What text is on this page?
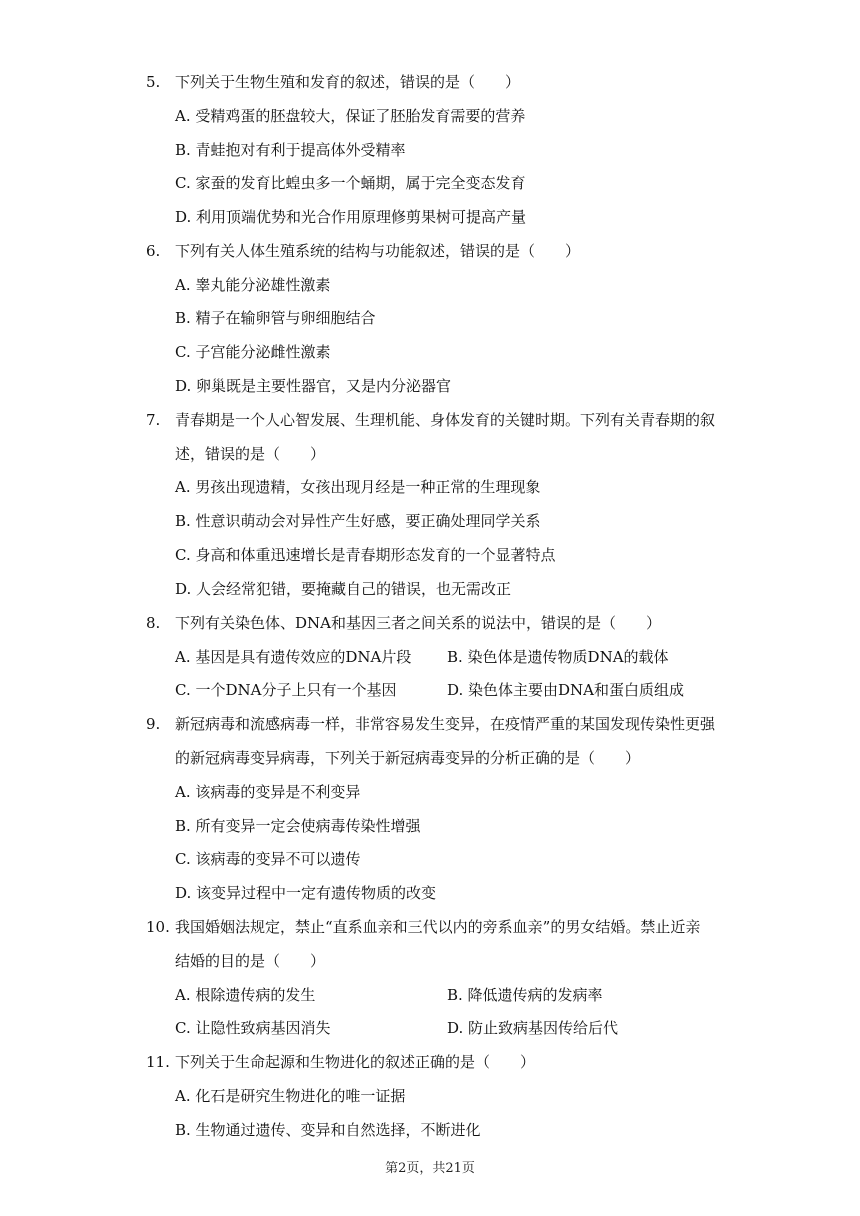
5. 下列关于生物生殖和发育的叙述，错误的是（　　）
A. 受精鸡蛋的胚盘较大，保证了胚胎发育需要的营养
B. 青蛙抱对有利于提高体外受精率
C. 家蚕的发育比蝗虫多一个蛹期，属于完全变态发育
D. 利用顶端优势和光合作用原理修剪果树可提高产量
6. 下列有关人体生殖系统的结构与功能叙述，错误的是（　　）
A. 睾丸能分泌雄性激素
B. 精子在输卵管与卵细胞结合
C. 子宫能分泌雌性激素
D. 卵巢既是主要性器官，又是内分泌器官
7. 青春期是一个人心智发展、生理机能、身体发育的关键时期。下列有关青春期的叙
述，错误的是（　　）
A. 男孩出现遗精，女孩出现月经是一种正常的生理现象
B. 性意识萌动会对异性产生好感，要正确处理同学关系
C. 身高和体重迅速增长是青春期形态发育的一个显著特点
D. 人会经常犯错，要掩藏自己的错误，也无需改正
8. 下列有关染色体、DNA和基因三者之间关系的说法中，错误的是（　　）
A. 基因是具有遗传效应的DNA片段 B. 染色体是遗传物质DNA的载体
C. 一个DNA分子上只有一个基因	D. 染色体主要由DNA和蛋白质组成
9. 新冠病毒和流感病毒一样，非常容易发生变异，在疫情严重的某国发现传染性更强
的新冠病毒变异病毒，下列关于新冠病毒变异的分析正确的是（　　）
A. 该病毒的变异是不利变异
B. 所有变异一定会使病毒传染性增强
C. 该病毒的变异不可以遗传
D. 该变异过程中一定有遗传物质的改变
10. 我国婚姻法规定，禁止“直系血亲和三代以内的旁系血亲”的男女结婚。禁止近亲
结婚的目的是（　　）
A. 根除遗传病的发生	B. 降低遗传病的发病率
C. 让隐性致病基因消失	D. 防止致病基因传给后代
11. 下列关于生命起源和生物进化的叙述正确的是（　　）
A. 化石是研究生物进化的唯一证据
B. 生物通过遗传、变异和自然选择，不断进化
第2页，共21页
